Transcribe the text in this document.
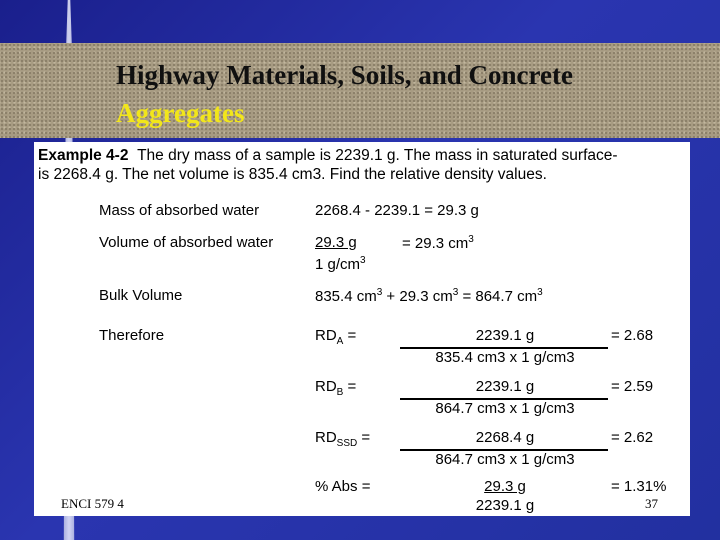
Highway Materials, Soils, and Concrete
Aggregates
Example 4-2 The dry mass of a sample is 2239.1 g. The mass in saturated surface-
is 2268.4 g. The net volume is 835.4 cm3. Find the relative density values.
Mass of absorbed water	2268.4 - 2239.1 = 29.3 g
Volume of absorbed water	29.3 g	= 29.3 $cm^3$
1 $g/cm^3$
Bulk Volume	835.4 $cm^3 + 29.3$ $cm^3 = 864.7$ $cm^3$
Therefore	$RD_A$ =	2239.1 g
835.4 cm3 x 1 g/cm3
= 2.68
$RD_B$ =	2239.1 g
864.7 cm3 x 1 g/cm3
= 2.59
$RD_{SSD}$ =	2268.4 g
864.7 cm3 x 1 g/cm3
= 2.62
% Abs =	29.3 g
2239.1 g
= 1.31%
ENCI 579 4	37
